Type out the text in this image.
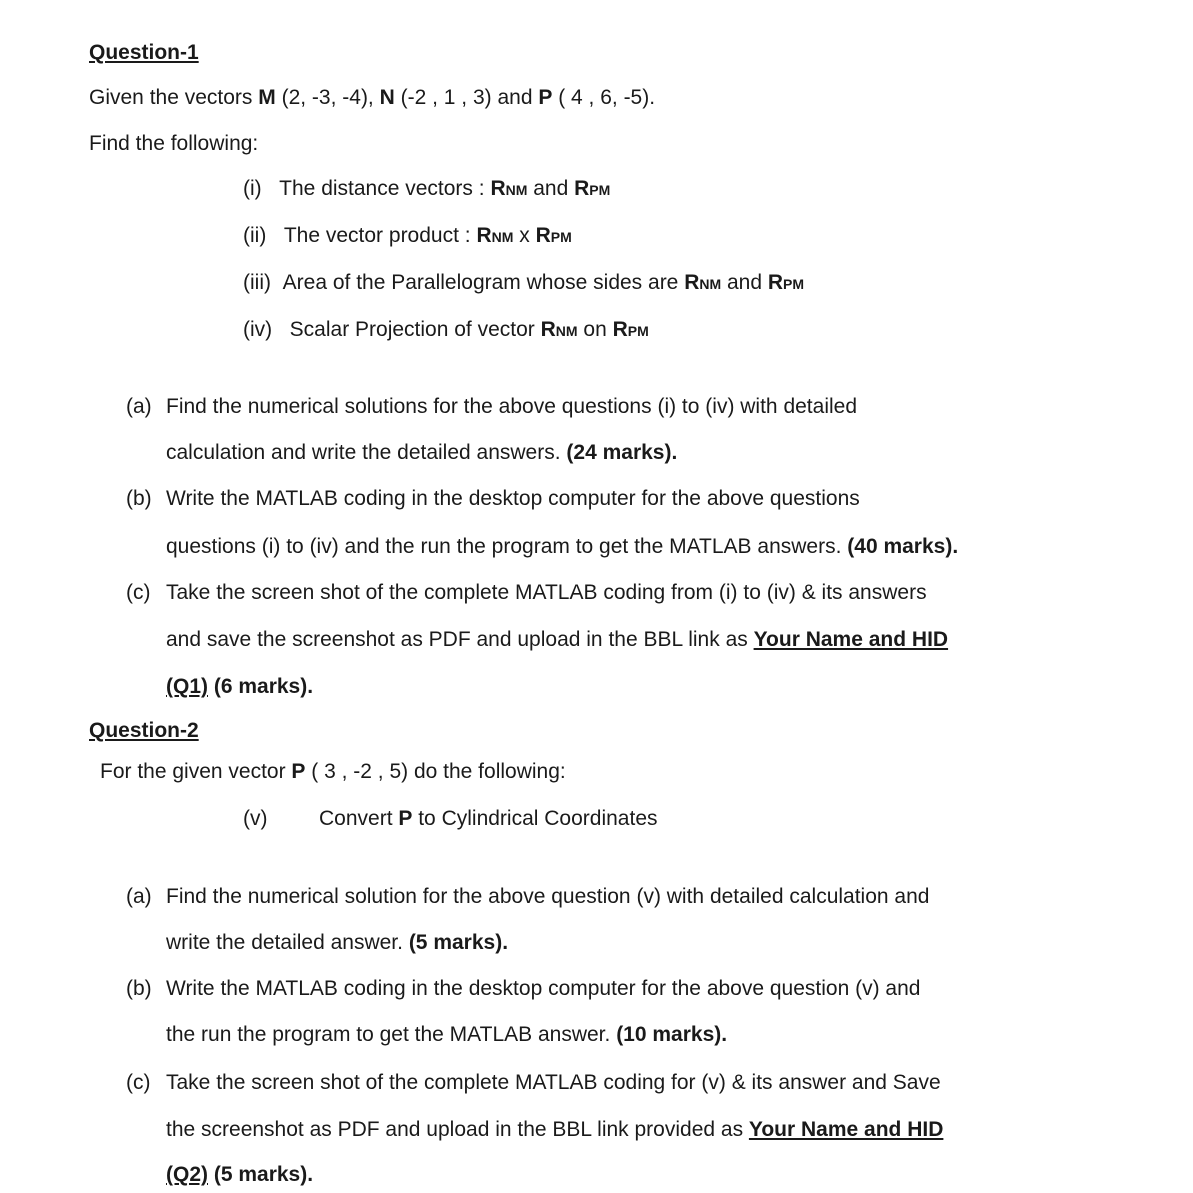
Question-1
Given the vectors M (2, -3, -4), N (-2 , 1 , 3) and P ( 4 , 6, -5).
Find the following:
(i) The distance vectors : RNM and RPM
(ii) The vector product : RNM x RPM
(iii) Area of the Parallelogram whose sides are RNM and RPM
(iv) Scalar Projection of vector RNM on RPM
(a) Find the numerical solutions for the above questions (i) to (iv) with detailed
calculation and write the detailed answers. (24 marks).
(b) Write the MATLAB coding in the desktop computer for the above questions
questions (i) to (iv) and the run the program to get the MATLAB answers. (40 marks).
(c) Take the screen shot of the complete MATLAB coding from (i) to (iv) & its answers
and save the screenshot as PDF and upload in the BBL link as Your Name and HID
(Q1) (6 marks).
Question-2
For the given vector P ( 3 , -2 , 5) do the following:
(v) Convert P to Cylindrical Coordinates
(a) Find the numerical solution for the above question (v) with detailed calculation and
write the detailed answer. (5 marks).
(b) Write the MATLAB coding in the desktop computer for the above question (v) and
the run the program to get the MATLAB answer. (10 marks).
(c) Take the screen shot of the complete MATLAB coding for (v) & its answer and Save
the screenshot as PDF and upload in the BBL link provided as Your Name and HID
(Q2) (5 marks).
